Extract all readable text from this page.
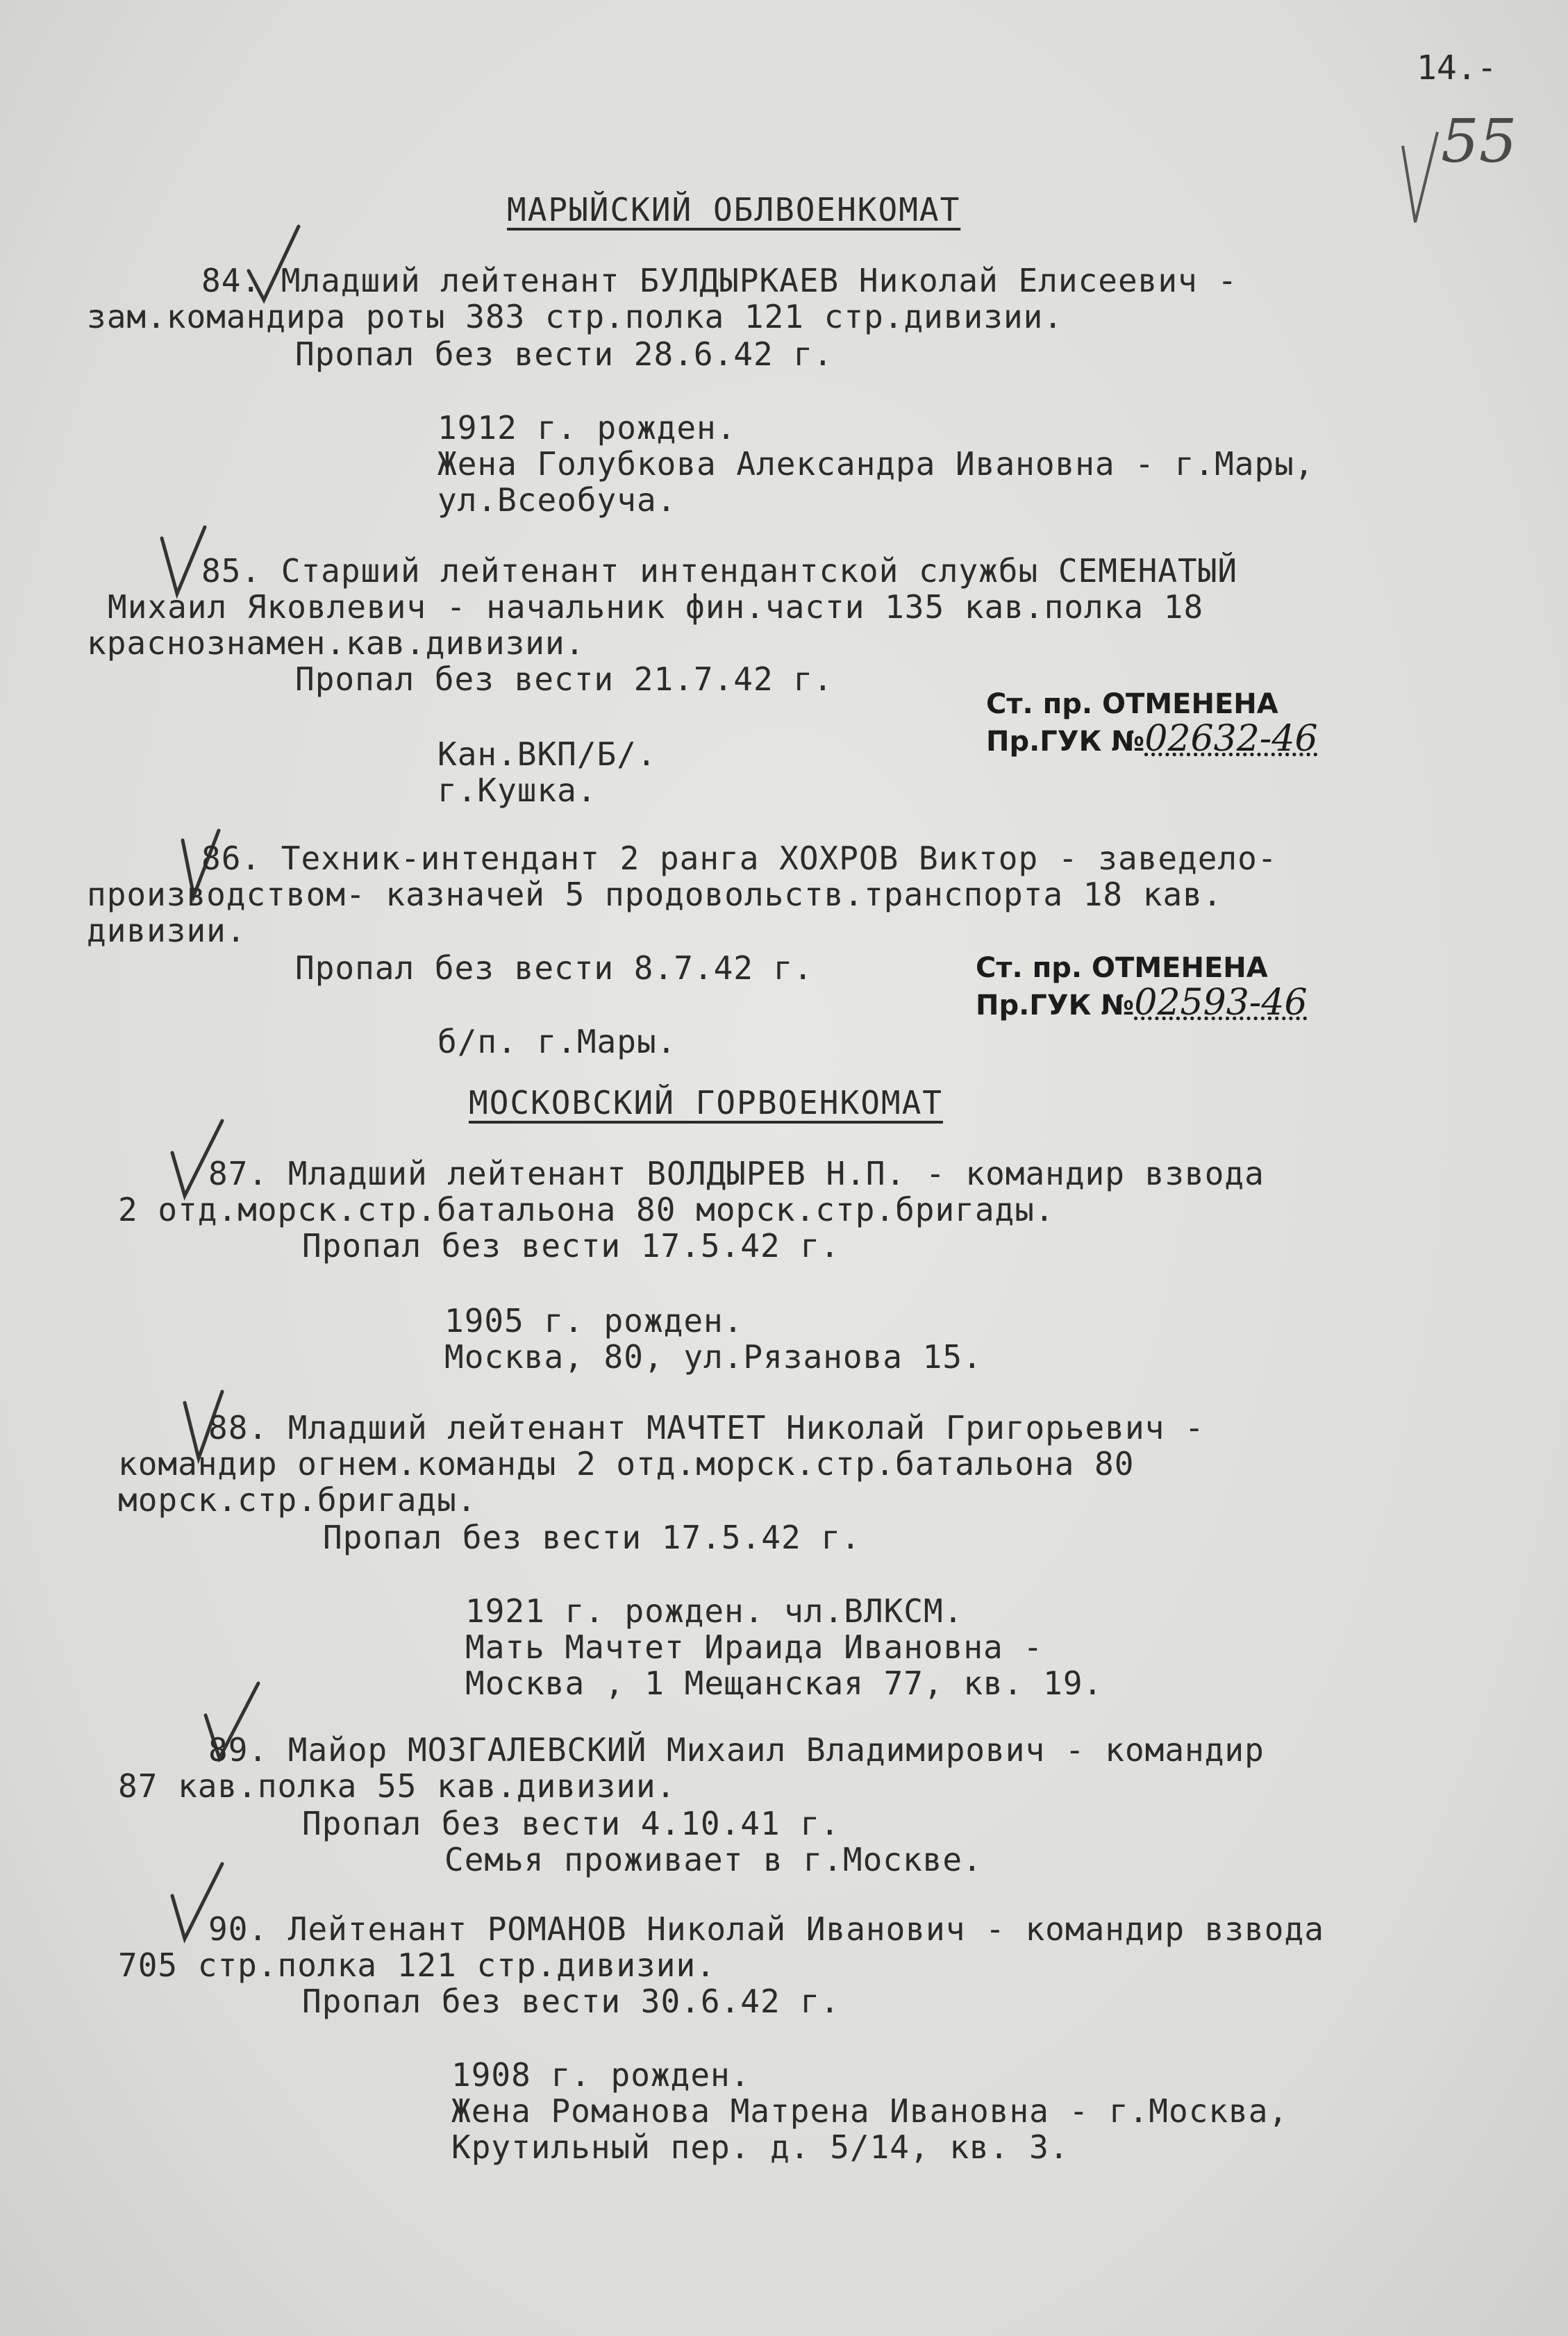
14.-
55
МАРЫЙСКИЙ ОБЛВОЕНКОМАТ
84. Младший лейтенант БУЛДЫРКАЕВ Николай Елисеевич -
зам.командира роты 383 стр.полка 121 стр.дивизии.
Пропал без вести 28.6.42 г.
1912 г. рожден.
Жена Голубкова Александра Ивановна - г.Мары,
ул.Всеобуча.
85. Старший лейтенант интендантской службы СЕМЕНАТЫЙ
Михаил Яковлевич - начальник фин.части 135 кав.полка 18
краснознамен.кав.дивизии.
Пропал без вести 21.7.42 г.
Кан.ВКП/Б/.
г.Кушка.
Ст. пр. ОТМЕНЕНА
Пр.ГУК №02632-46
86. Техник-интендант 2 ранга ХОХРОВ Виктор - заведело-
производством- казначей 5 продовольств.транспорта 18 кав.
дивизии.
Пропал без вести 8.7.42 г.
б/п. г.Мары.
Ст. пр. ОТМЕНЕНА
Пр.ГУК №02593-46
МОСКОВСКИЙ ГОРВОЕНКОМАТ
87. Младший лейтенант ВОЛДЫРЕВ Н.П. - командир взвода
2 отд.морск.стр.батальона 80 морск.стр.бригады.
Пропал без вести 17.5.42 г.
1905 г. рожден.
Москва, 80, ул.Рязанова 15.
88. Младший лейтенант МАЧТЕТ Николай Григорьевич -
командир огнем.команды 2 отд.морск.стр.батальона 80
морск.стр.бригады.
Пропал без вести 17.5.42 г.
1921 г. рожден. чл.ВЛКСМ.
Мать Мачтет Ираида Ивановна -
Москва , 1 Мещанская 77, кв. 19.
89. Майор МОЗГАЛЕВСКИЙ Михаил Владимирович - командир
87 кав.полка 55 кав.дивизии.
Пропал без вести 4.10.41 г.
Семья проживает в г.Москве.
90. Лейтенант РОМАНОВ Николай Иванович - командир взвода
705 стр.полка 121 стр.дивизии.
Пропал без вести 30.6.42 г.
1908 г. рожден.
Жена Романова Матрена Ивановна - г.Москва,
Крутильный пер. д. 5/14, кв. 3.
